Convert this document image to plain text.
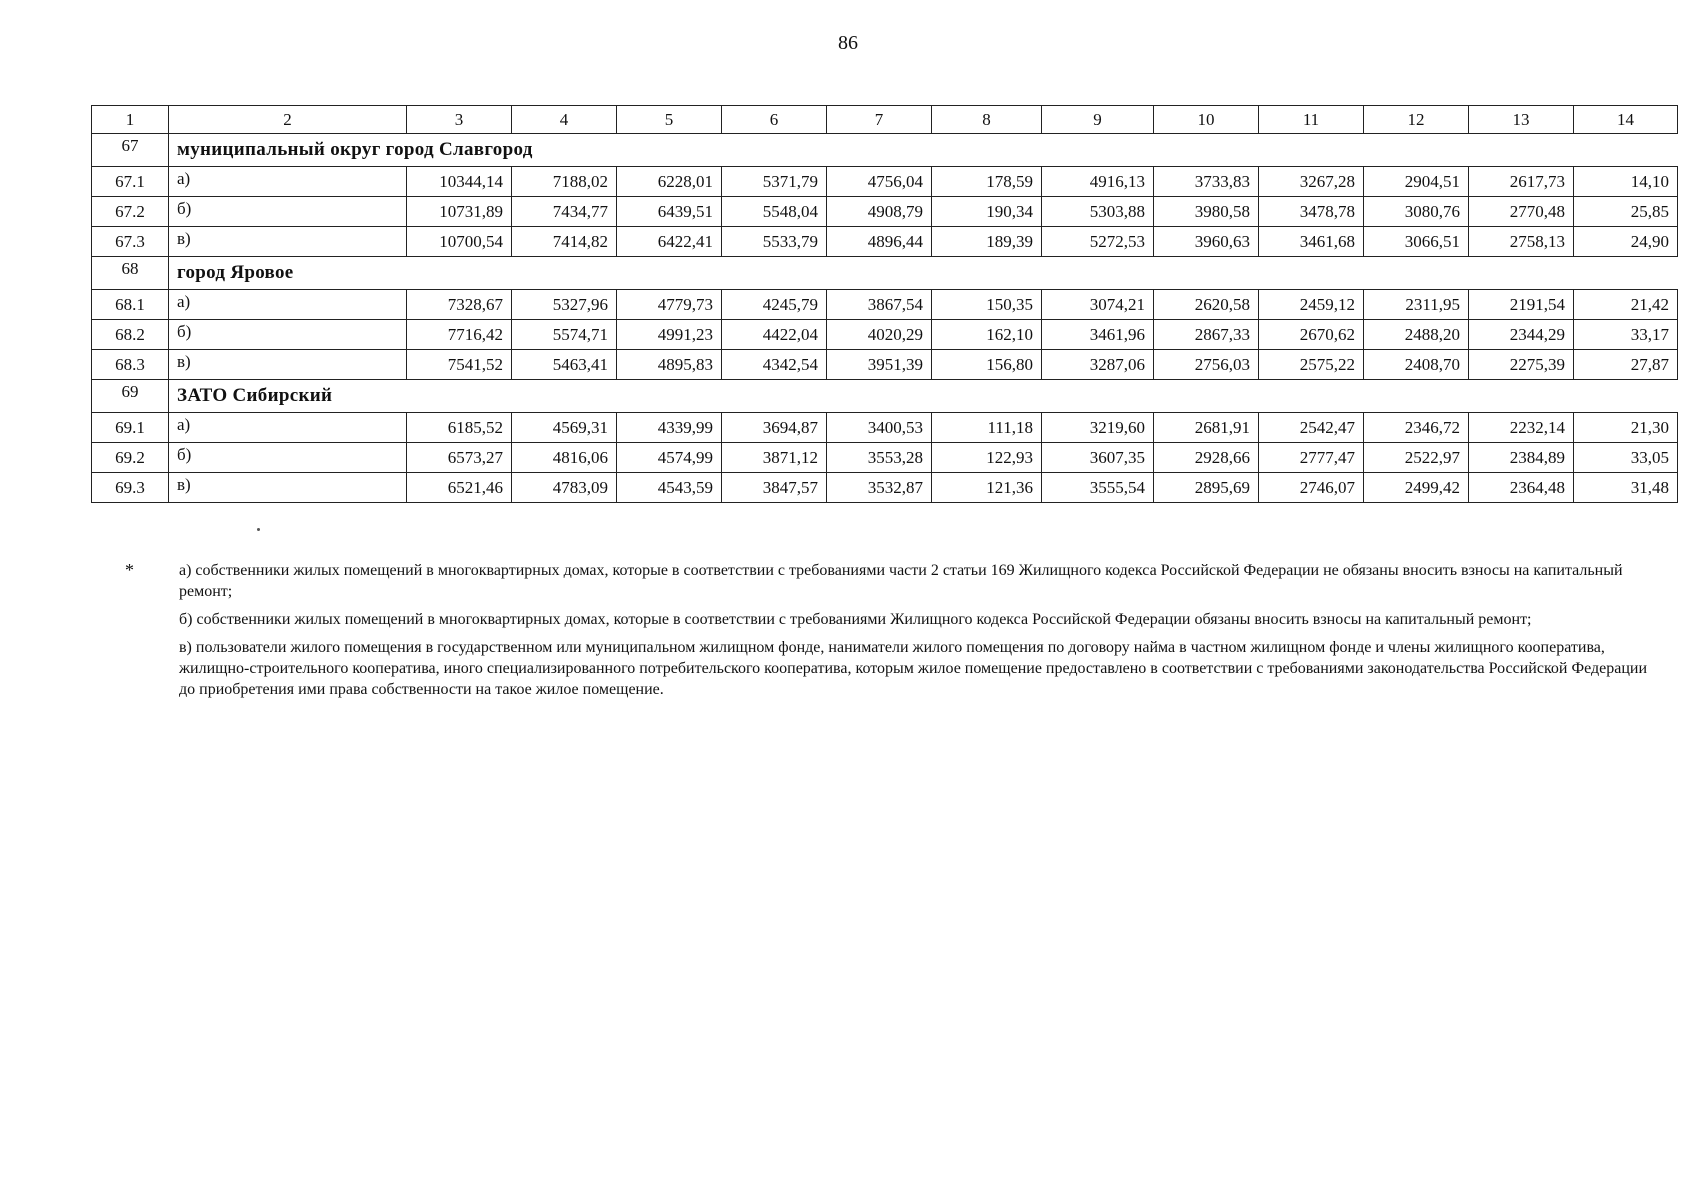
86
1	2	3	4	5	6	7	8	9	10	11	12	13	14
67	муниципальный округ город Славгород												
67.1	а)	10344,14	7188,02	6228,01	5371,79	4756,04	178,59	4916,13	3733,83	3267,28	2904,51	2617,73	14,10
67.2	б)	10731,89	7434,77	6439,51	5548,04	4908,79	190,34	5303,88	3980,58	3478,78	3080,76	2770,48	25,85
67.3	в)	10700,54	7414,82	6422,41	5533,79	4896,44	189,39	5272,53	3960,63	3461,68	3066,51	2758,13	24,90
68	город Яровое												
68.1	а)	7328,67	5327,96	4779,73	4245,79	3867,54	150,35	3074,21	2620,58	2459,12	2311,95	2191,54	21,42
68.2	б)	7716,42	5574,71	4991,23	4422,04	4020,29	162,10	3461,96	2867,33	2670,62	2488,20	2344,29	33,17
68.3	в)	7541,52	5463,41	4895,83	4342,54	3951,39	156,80	3287,06	2756,03	2575,22	2408,70	2275,39	27,87
69	ЗАТО Сибирский												
69.1	а)	6185,52	4569,31	4339,99	3694,87	3400,53	111,18	3219,60	2681,91	2542,47	2346,72	2232,14	21,30
69.2	б)	6573,27	4816,06	4574,99	3871,12	3553,28	122,93	3607,35	2928,66	2777,47	2522,97	2384,89	33,05
69.3	в)	6521,46	4783,09	4543,59	3847,57	3532,87	121,36	3555,54	2895,69	2746,07	2499,42	2364,48	31,48
*	а) собственники жилых помещений в многоквартирных домах, которые в соответствии с требованиями части 2 статьи 169 Жилищного кодекса Российской Федерации не обязаны вносить взносы на капитальный ремонт;
б) собственники жилых помещений в многоквартирных домах, которые в соответствии с требованиями Жилищного кодекса Российской Федерации обязаны вносить взносы на капитальный ремонт;
в) пользователи жилого помещения в государственном или муниципальном жилищном фонде, наниматели жилого помещения по договору найма в частном жилищном фонде и члены жилищного кооператива, жилищно-строительного кооператива, иного специализированного потребительского кооператива, которым жилое помещение предоставлено в соответствии с требованиями законодательства Российской Федерации до приобретения ими права собственности на такое жилое помещение.
